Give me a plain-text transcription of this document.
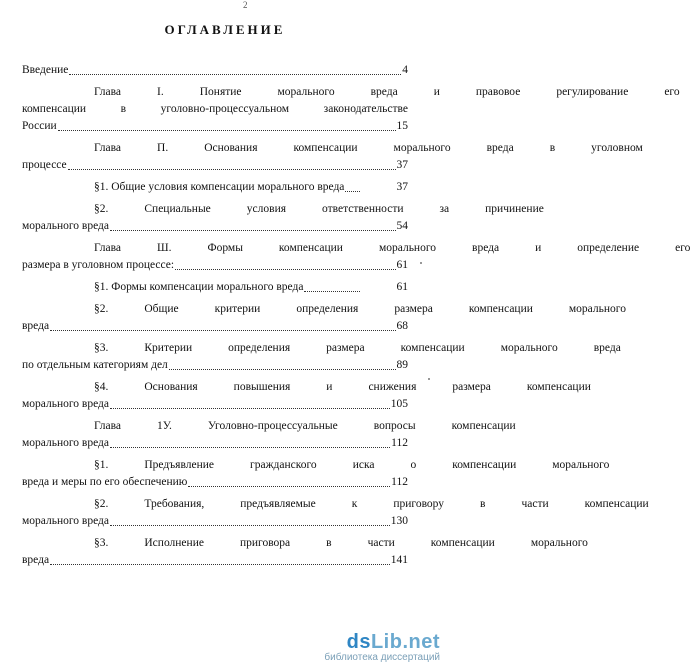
2
ОГЛАВЛЕНИЕ
Введение	4
Глава	I.	Понятие	морального	вреда	и	правовое	регулирование	его
компенсации	в	уголовно-процессуальном	законодательстве
России	15
Глава	П.	Основания	компенсации	морального	вреда	в	уголовном
процессе	37
§1. Общие условия компенсации морального вреда	37
§2.	Специальные	условия	ответственности	за	причинение
морального вреда	54
Глава	Ш.	Формы	компенсации	морального	вреда	и	определение	его
размера в уголовном процессе:	61
§1. Формы компенсации морального вреда	61
§2.	Общие	критерии	определения	размера	компенсации	морального
вреда	68
§3.	Критерии	определения	размера	компенсации	морального	вреда
по отдельным категориям дел	89
§4.	Основания	повышения	и	снижения	размера	компенсации
морального вреда	105
Глава	1У.	Уголовно-процессуальные	вопросы	компенсации
морального вреда	112
§1.	Предъявление	гражданского	иска	о	компенсации	морального
вреда и меры по его обеспечению	112
§2.	Требования,	предъявляемые	к	приговору	в	части	компенсации
морального вреда	130
§3.	Исполнение	приговора	в	части	компенсации	морального
вреда	141
dsLib.net
библиотека диссертаций
